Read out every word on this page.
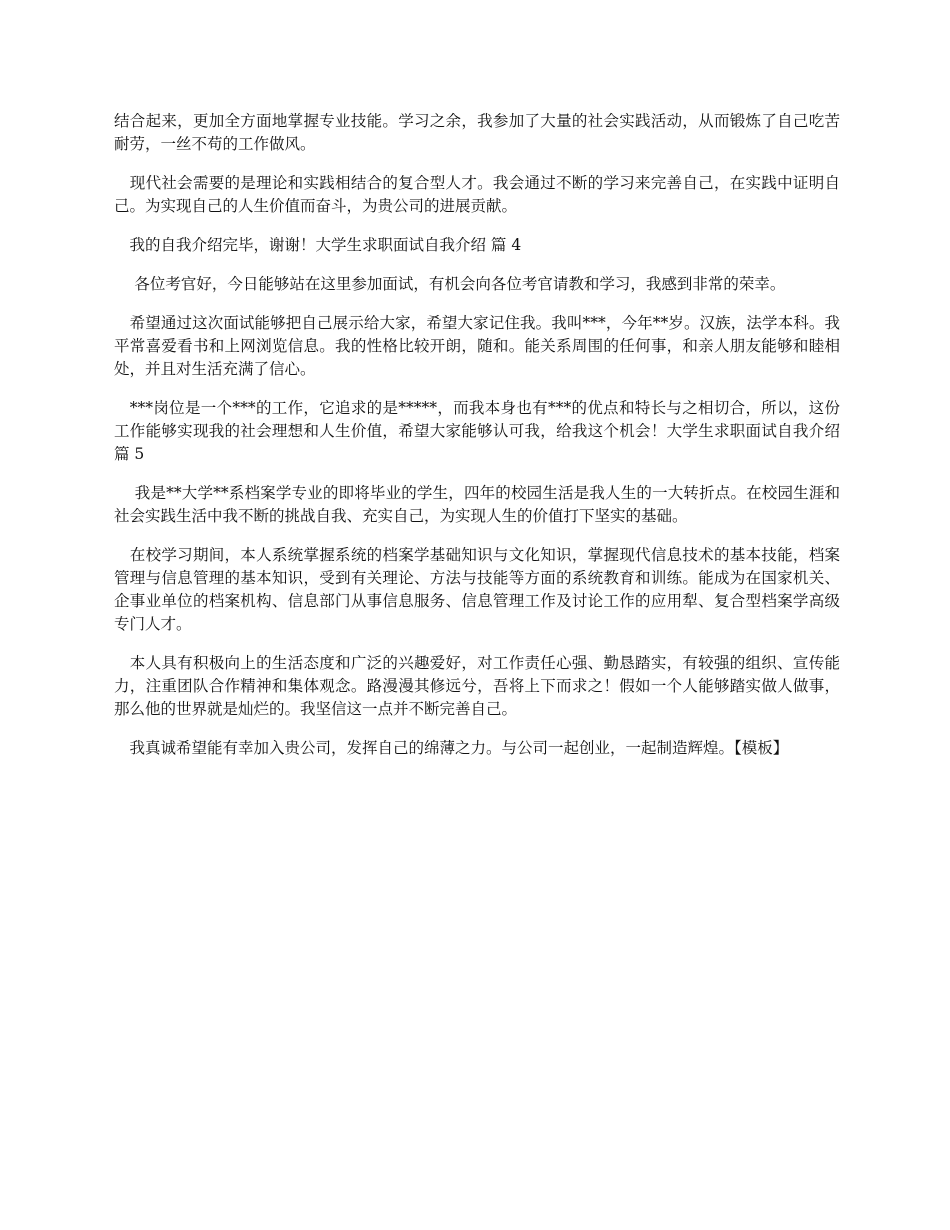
结合起来，更加全方面地掌握专业技能。学习之余，我参加了大量的社会实践活动，从而锻炼了自己吃苦耐劳，一丝不苟的工作做风。

　现代社会需要的是理论和实践相结合的复合型人才。我会通过不断的学习来完善自己，在实践中证明自己。为实现自己的人生价值而奋斗，为贵公司的进展贡献。

　我的自我介绍完毕，谢谢！大学生求职面试自我介绍 篇 4

　 各位考官好，今日能够站在这里参加面试，有机会向各位考官请教和学习，我感到非常的荣幸。

　希望通过这次面试能够把自己展示给大家，希望大家记住我。我叫***，今年**岁。汉族，法学本科。我平常喜爱看书和上网浏览信息。我的性格比较开朗，随和。能关系周围的任何事，和亲人朋友能够和睦相处，并且对生活充满了信心。

　***岗位是一个***的工作，它追求的是*****，而我本身也有***的优点和特长与之相切合，所以，这份工作能够实现我的社会理想和人生价值，希望大家能够认可我，给我这个机会！大学生求职面试自我介绍 篇 5

　 我是**大学**系档案学专业的即将毕业的学生，四年的校园生活是我人生的一大转折点。在校园生涯和社会实践生活中我不断的挑战自我、充实自己，为实现人生的价值打下坚实的基础。

　在校学习期间，本人系统掌握系统的档案学基础知识与文化知识，掌握现代信息技术的基本技能，档案管理与信息管理的基本知识，受到有关理论、方法与技能等方面的系统教育和训练。能成为在国家机关、企事业单位的档案机构、信息部门从事信息服务、信息管理工作及讨论工作的应用犁、复合型档案学高级专门人才。

　本人具有积极向上的生活态度和广泛的兴趣爱好，对工作责任心强、勤恳踏实，有较强的组织、宣传能力，注重团队合作精神和集体观念。路漫漫其修远兮，吾将上下而求之！假如一个人能够踏实做人做事，那么他的世界就是灿烂的。我坚信这一点并不断完善自己。

　我真诚希望能有幸加入贵公司，发挥自己的绵薄之力。与公司一起创业，一起制造辉煌。【模板】
